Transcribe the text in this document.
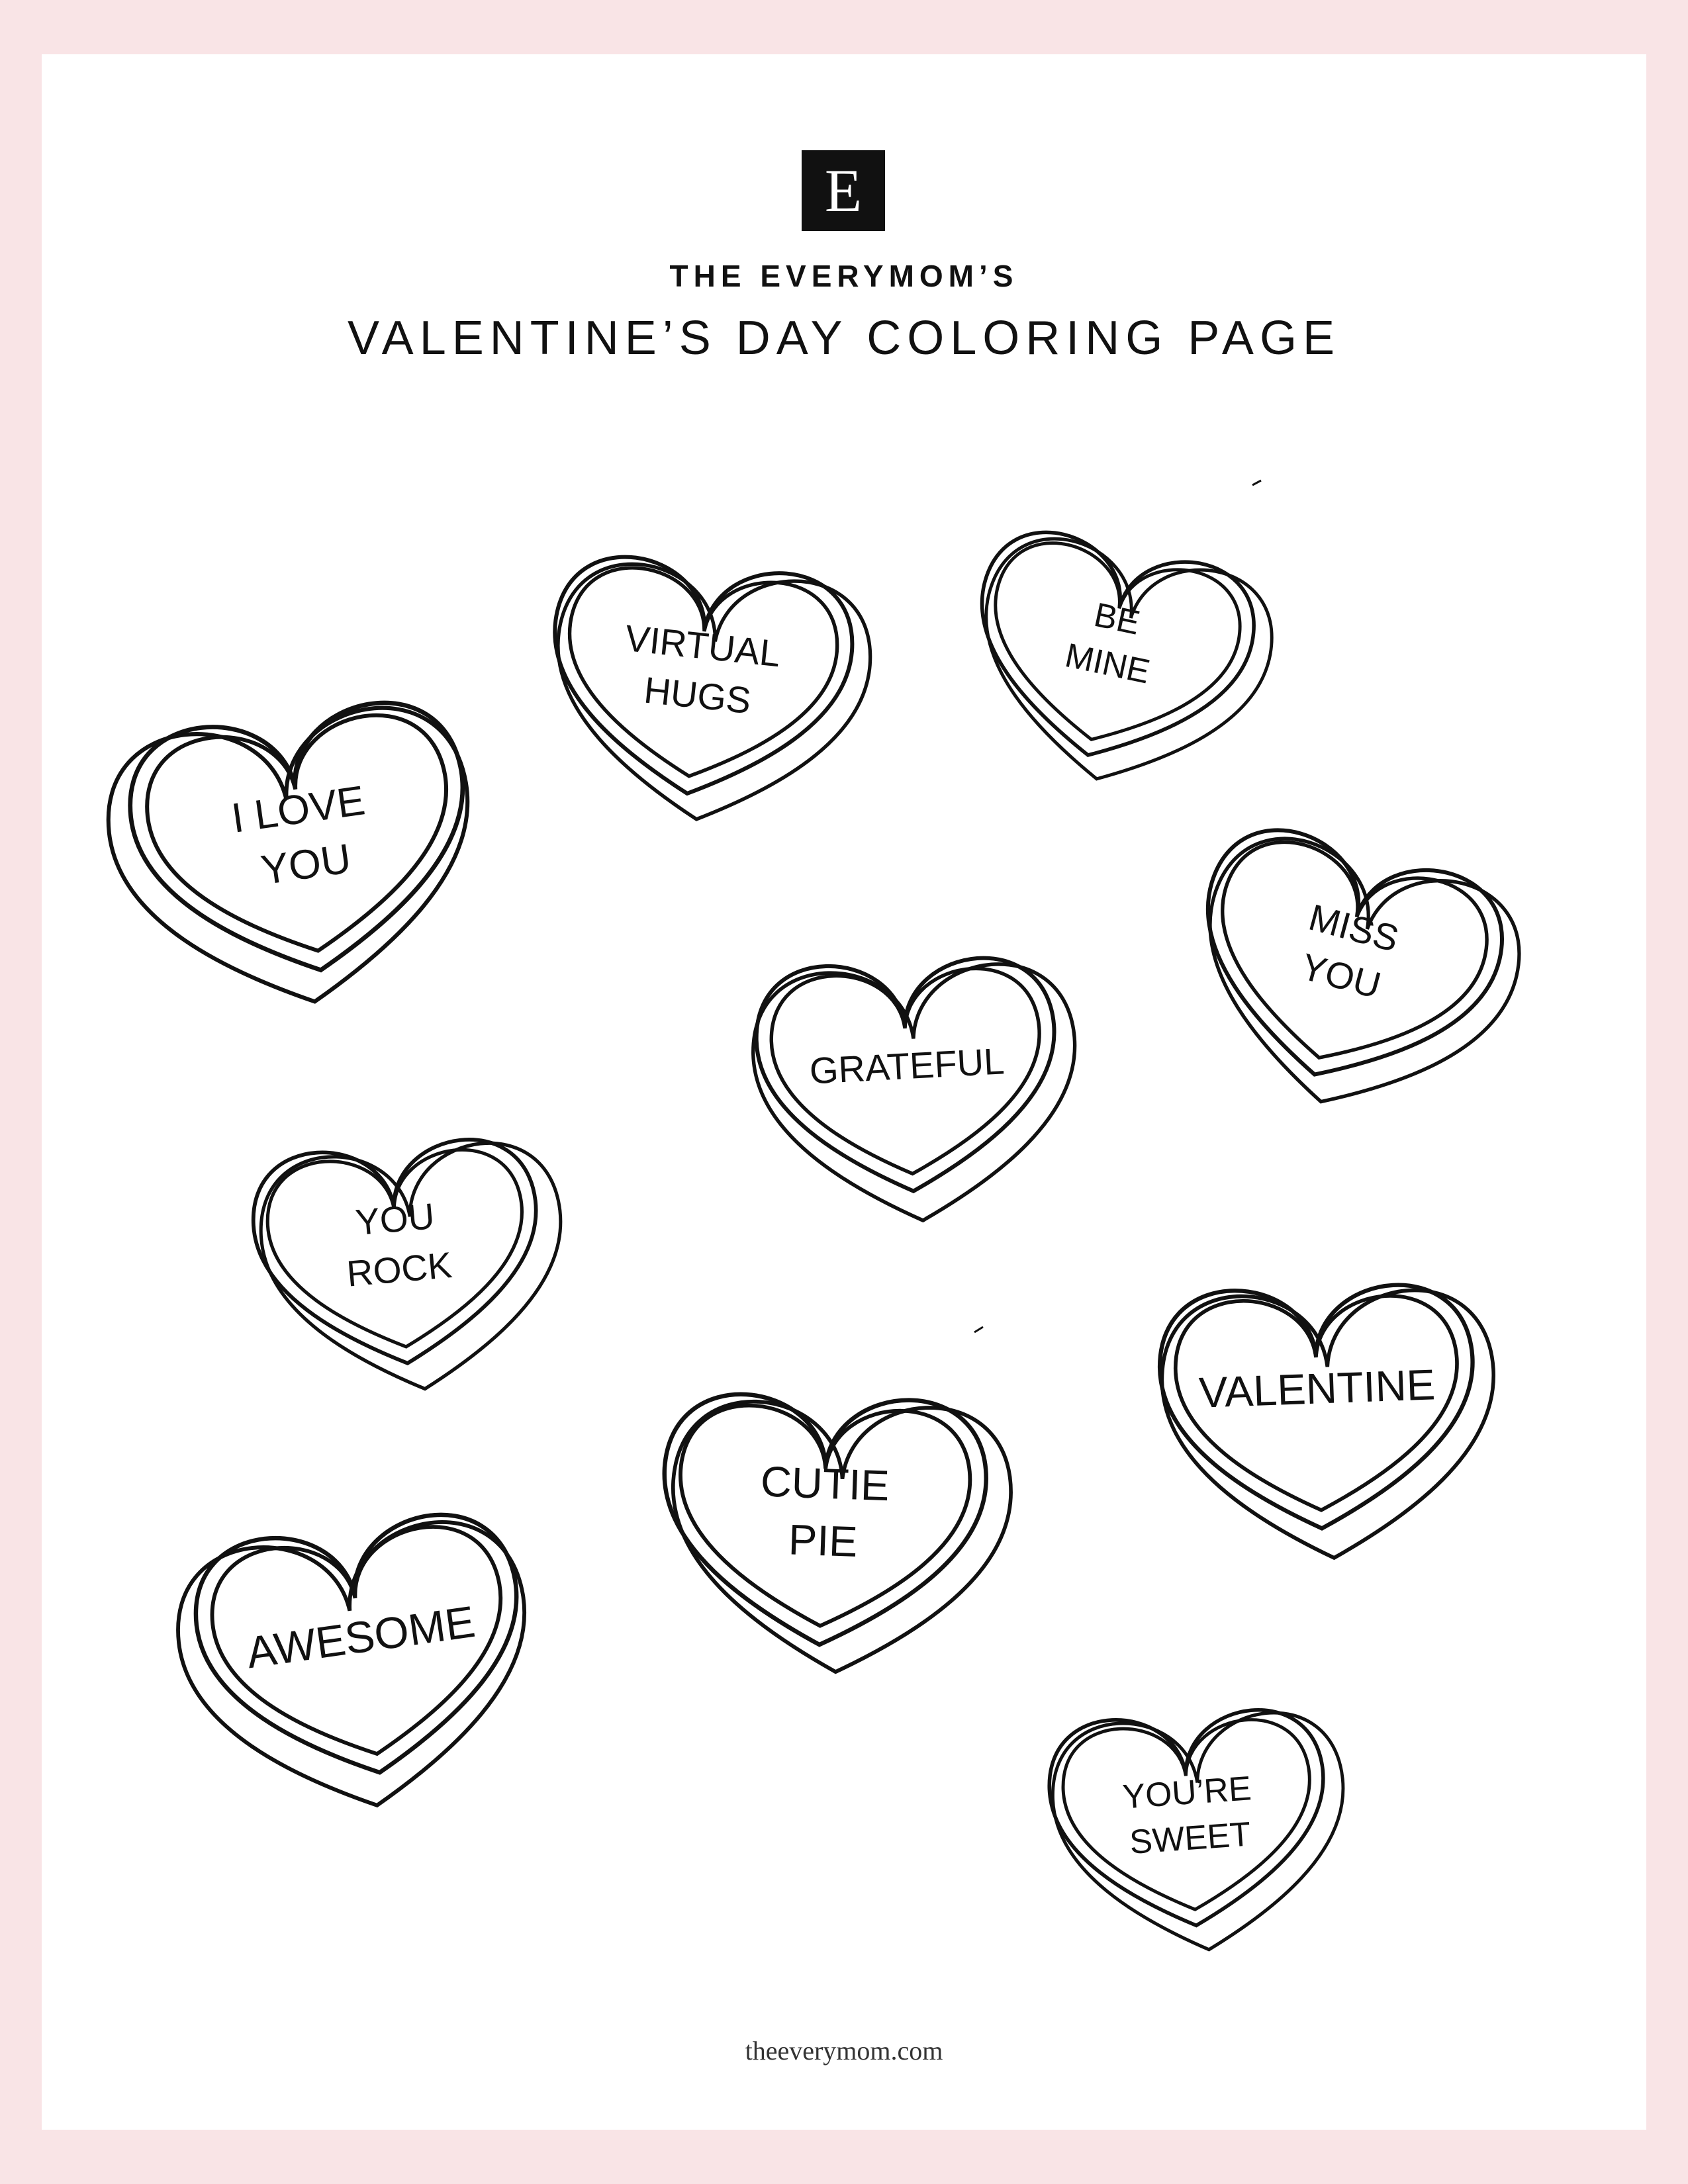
E
THE EVERYMOM’S
VALENTINE’S DAY COLORING PAGE
VIRTUAL
HUGS
BE
MINE
I LOVE
YOU
MISS
YOU
GRATEFUL
YOU
ROCK
VALENTINE
CUTIE
PIE
AWESOME
YOU’RE
SWEET
theeverymom.com
